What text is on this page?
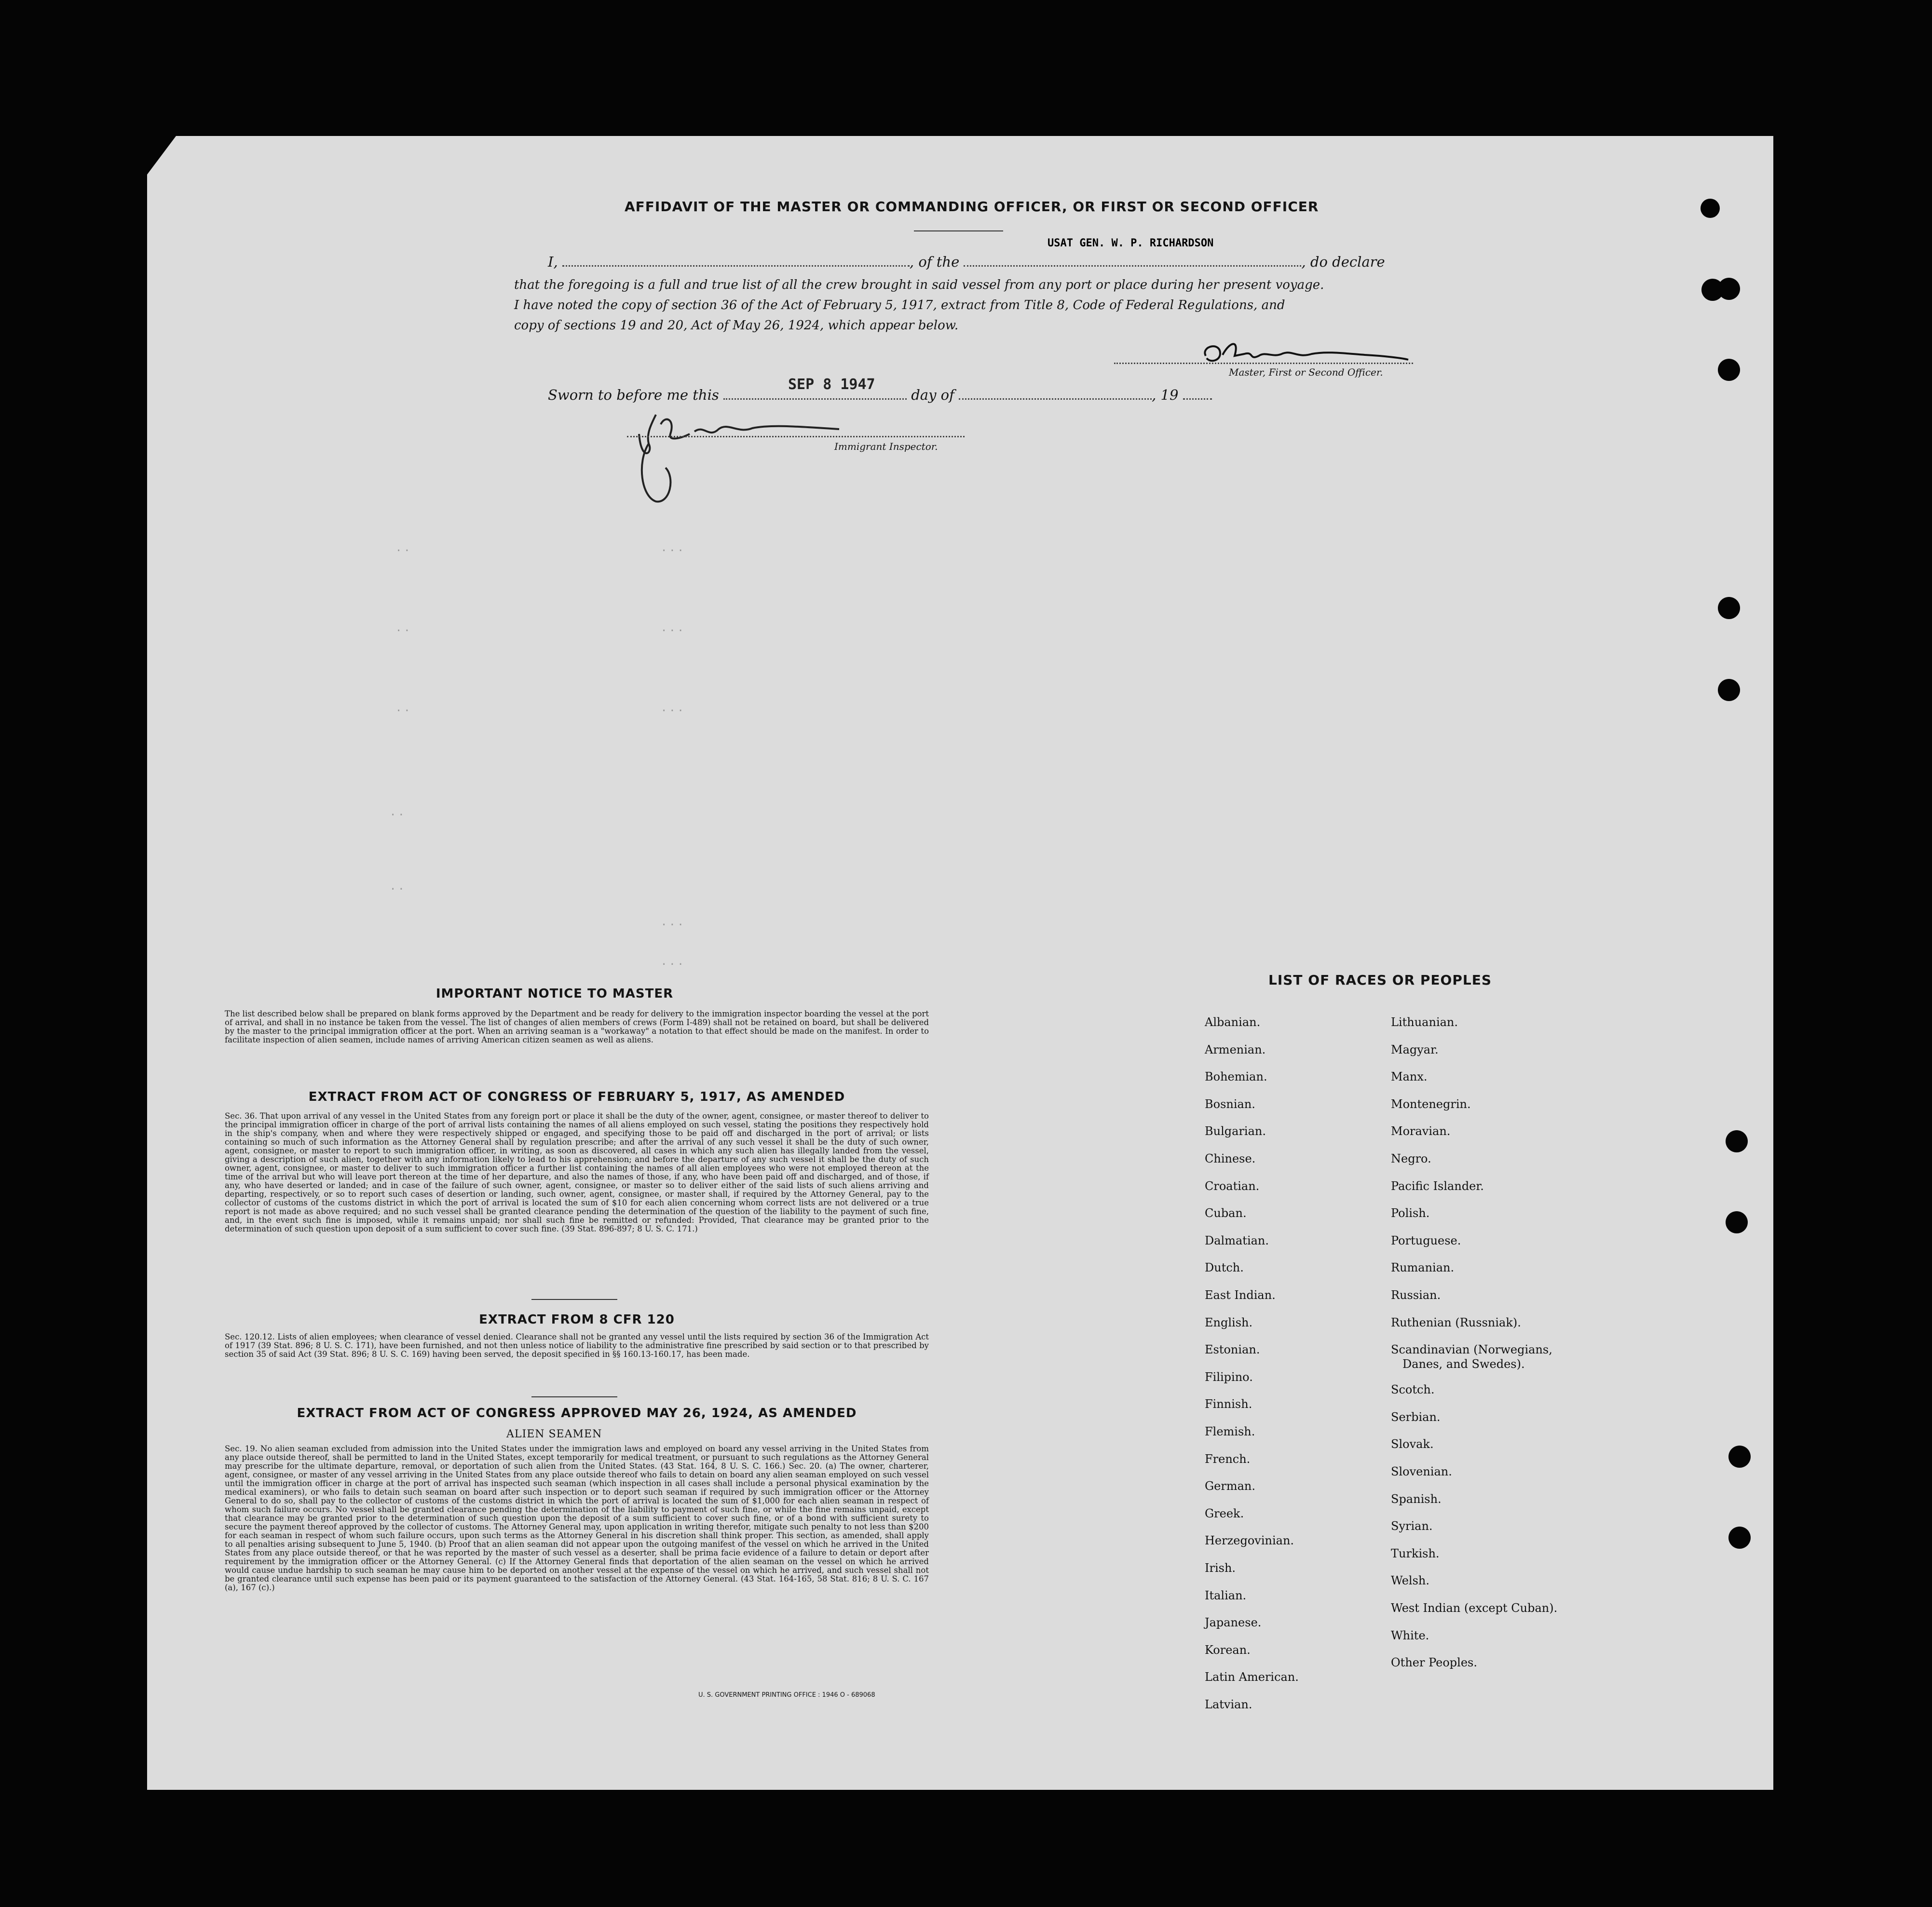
AFFIDAVIT OF THE MASTER OR COMMANDING OFFICER, OR FIRST OR SECOND OFFICER
I,	, of the	, do declare
USAT GEN. W. P. RICHARDSON
that the foregoing is a full and true list of all the crew brought in said vessel from any port or place during her present voyage.
I have noted the copy of section 36 of the Act of February 5, 1917, extract from Title 8, Code of Federal Regulations, and
copy of sections 19 and 20, Act of May 26, 1924, which appear below.
Master, First or Second Officer.
Sworn to before me this	day of	, 19
SEP 8 1947
Immigrant Inspector.
..	...
..	...
..	...
..
...
..
...
IMPORTANT NOTICE TO MASTER
The list described below shall be prepared on blank forms approved by the Department and be ready for delivery to the immigration inspector boarding the vessel at the port of arrival, and shall in no instance be taken from the vessel. The list of changes of alien members of crews (Form I-489) shall not be retained on board, but shall be delivered by the master to the principal immigration officer at the port. When an arriving seaman is a "workaway" a notation to that effect should be made on the manifest. In order to facilitate inspection of alien seamen, include names of arriving American citizen seamen as well as aliens.
EXTRACT FROM ACT OF CONGRESS OF FEBRUARY 5, 1917, AS AMENDED
Sec. 36. That upon arrival of any vessel in the United States from any foreign port or place it shall be the duty of the owner, agent, consignee, or master thereof to deliver to the principal immigration officer in charge of the port of arrival lists containing the names of all aliens employed on such vessel, stating the positions they respectively hold in the ship's company, when and where they were respectively shipped or engaged, and specifying those to be paid off and discharged in the port of arrival; or lists containing so much of such information as the Attorney General shall by regulation prescribe; and after the arrival of any such vessel it shall be the duty of such owner, agent, consignee, or master to report to such immigration officer, in writing, as soon as discovered, all cases in which any such alien has illegally landed from the vessel, giving a description of such alien, together with any information likely to lead to his apprehension; and before the departure of any such vessel it shall be the duty of such owner, agent, consignee, or master to deliver to such immigration officer a further list containing the names of all alien employees who were not employed thereon at the time of the arrival but who will leave port thereon at the time of her departure, and also the names of those, if any, who have been paid off and discharged, and of those, if any, who have deserted or landed; and in case of the failure of such owner, agent, consignee, or master so to deliver either of the said lists of such aliens arriving and departing, respectively, or so to report such cases of desertion or landing, such owner, agent, consignee, or master shall, if required by the Attorney General, pay to the collector of customs of the customs district in which the port of arrival is located the sum of $10 for each alien concerning whom correct lists are not delivered or a true report is not made as above required; and no such vessel shall be granted clearance pending the determination of the question of the liability to the payment of such fine, and, in the event such fine is imposed, while it remains unpaid; nor shall such fine be remitted or refunded: Provided, That clearance may be granted prior to the determination of such question upon deposit of a sum sufficient to cover such fine. (39 Stat. 896-897; 8 U. S. C. 171.)
EXTRACT FROM 8 CFR 120
Sec. 120.12. Lists of alien employees; when clearance of vessel denied. Clearance shall not be granted any vessel until the lists required by section 36 of the Immigration Act of 1917 (39 Stat. 896; 8 U. S. C. 171), have been furnished, and not then unless notice of liability to the administrative fine prescribed by said section or to that prescribed by section 35 of said Act (39 Stat. 896; 8 U. S. C. 169) having been served, the deposit specified in §§ 160.13-160.17, has been made.
EXTRACT FROM ACT OF CONGRESS APPROVED MAY 26, 1924, AS AMENDED
ALIEN SEAMEN
Sec. 19. No alien seaman excluded from admission into the United States under the immigration laws and employed on board any vessel arriving in the United States from any place outside thereof, shall be permitted to land in the United States, except temporarily for medical treatment, or pursuant to such regulations as the Attorney General may prescribe for the ultimate departure, removal, or deportation of such alien from the United States. (43 Stat. 164, 8 U. S. C. 166.) Sec. 20. (a) The owner, charterer, agent, consignee, or master of any vessel arriving in the United States from any place outside thereof who fails to detain on board any alien seaman employed on such vessel until the immigration officer in charge at the port of arrival has inspected such seaman (which inspection in all cases shall include a personal physical examination by the medical examiners), or who fails to detain such seaman on board after such inspection or to deport such seaman if required by such immigration officer or the Attorney General to do so, shall pay to the collector of customs of the customs district in which the port of arrival is located the sum of $1,000 for each alien seaman in respect of whom such failure occurs. No vessel shall be granted clearance pending the determination of the liability to payment of such fine, or while the fine remains unpaid, except that clearance may be granted prior to the determination of such question upon the deposit of a sum sufficient to cover such fine, or of a bond with sufficient surety to secure the payment thereof approved by the collector of customs. The Attorney General may, upon application in writing therefor, mitigate such penalty to not less than $200 for each seaman in respect of whom such failure occurs, upon such terms as the Attorney General in his discretion shall think proper. This section, as amended, shall apply to all penalties arising subsequent to June 5, 1940. (b) Proof that an alien seaman did not appear upon the outgoing manifest of the vessel on which he arrived in the United States from any place outside thereof, or that he was reported by the master of such vessel as a deserter, shall be prima facie evidence of a failure to detain or deport after requirement by the immigration officer or the Attorney General. (c) If the Attorney General finds that deportation of the alien seaman on the vessel on which he arrived would cause undue hardship to such seaman he may cause him to be deported on another vessel at the expense of the vessel on which he arrived, and such vessel shall not be granted clearance until such expense has been paid or its payment guaranteed to the satisfaction of the Attorney General. (43 Stat. 164-165, 58 Stat. 816; 8 U. S. C. 167 (a), 167 (c).)
U. S. GOVERNMENT PRINTING OFFICE : 1946 O - 689068
LIST OF RACES OR PEOPLES
Albanian.
Armenian.
Bohemian.
Bosnian.
Bulgarian.
Chinese.
Croatian.
Cuban.
Dalmatian.
Dutch.
East Indian.
English.
Estonian.
Filipino.
Finnish.
Flemish.
French.
German.
Greek.
Herzegovinian.
Irish.
Italian.
Japanese.
Korean.
Latin American.
Latvian.
Lithuanian.
Magyar.
Manx.
Montenegrin.
Moravian.
Negro.
Pacific Islander.
Polish.
Portuguese.
Rumanian.
Russian.
Ruthenian (Russniak).
Scandinavian (Norwegians,
Danes, and Swedes).
Scotch.
Serbian.
Slovak.
Slovenian.
Spanish.
Syrian.
Turkish.
Welsh.
West Indian (except Cuban).
White.
Other Peoples.
